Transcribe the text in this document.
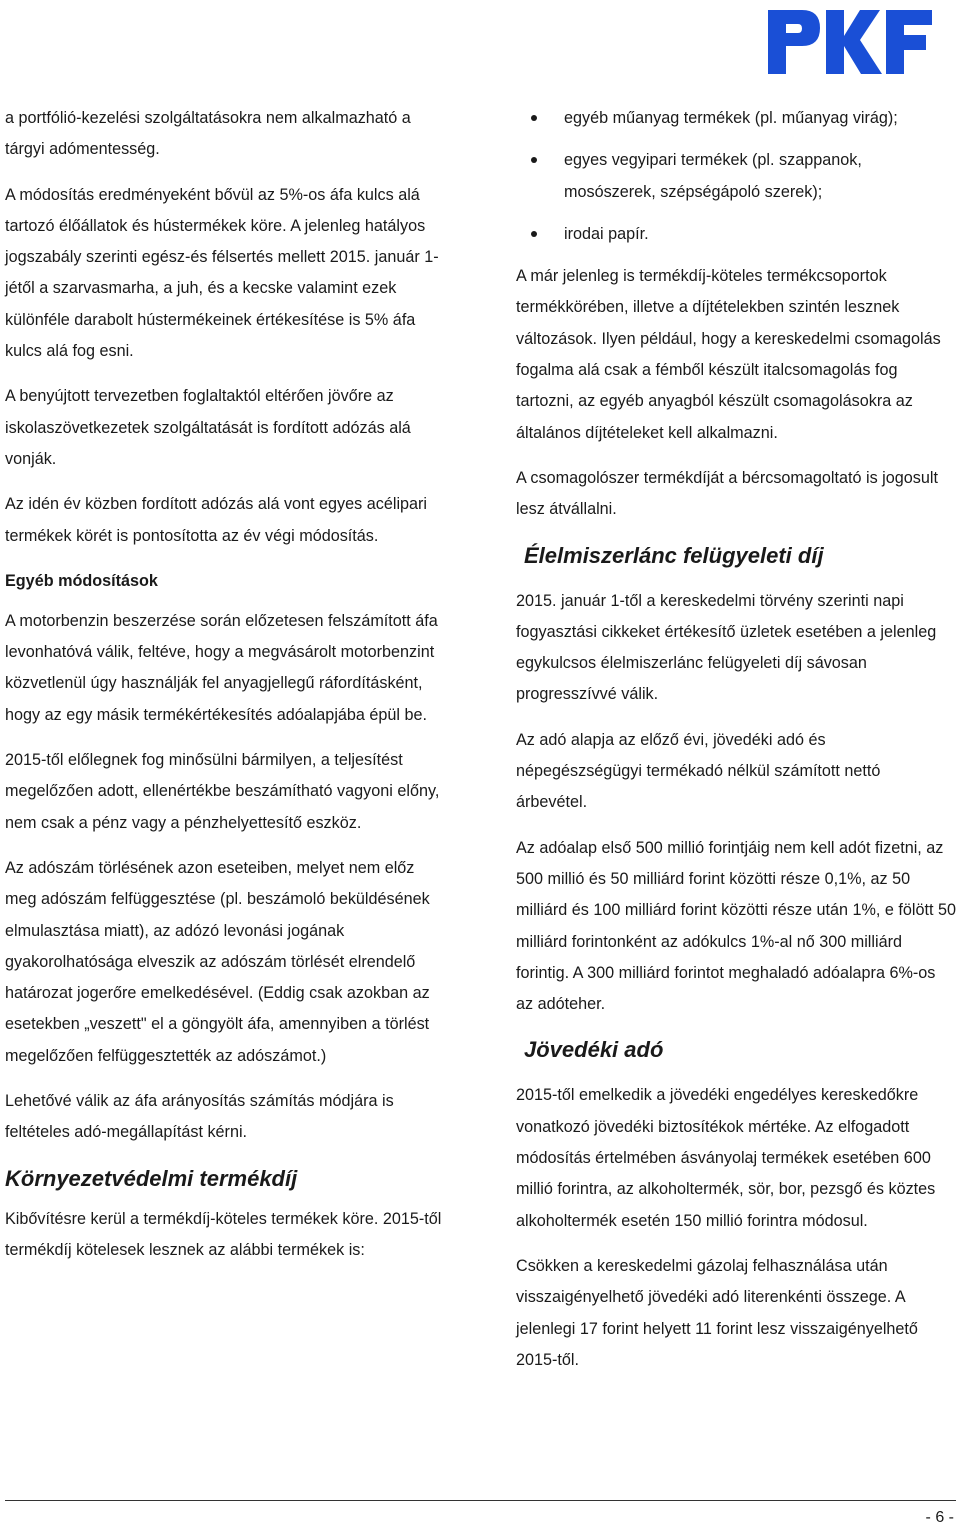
a portfólió-kezelési szolgáltatásokra nem alkalmazható a tárgyi adómentesség.

A módosítás eredményeként bővül az 5%-os áfa kulcs alá tartozó élőállatok és hústermékek köre. A jelenleg hatályos jogszabály szerinti egész-és félsertés mellett 2015. január 1-jétől a szarvasmarha, a juh, és a kecske valamint ezek különféle darabolt hústermékeinek értékesítése is 5% áfa kulcs alá fog esni.

A benyújtott tervezetben foglaltaktól eltérően jövőre az iskolaszövetkezetek szolgáltatását is fordított adózás alá vonják.

Az idén év közben fordított adózás alá vont egyes acélipari termékek körét is pontosította az év végi módosítás.

Egyéb módosítások

A motorbenzin beszerzése során előzetesen felszámított áfa levonhatóvá válik, feltéve, hogy a megvásárolt motorbenzint közvetlenül úgy használják fel anyagjellegű ráfordításként, hogy az egy másik termékértékesítés adóalapjába épül be.

2015-től előlegnek fog minősülni bármilyen, a teljesítést megelőzően adott, ellenértékbe beszámítható vagyoni előny, nem csak a pénz vagy a pénzhelyettesítő eszköz.

Az adószám törlésének azon eseteiben, melyet nem előz meg adószám felfüggesztése (pl. beszámoló beküldésének elmulasztása miatt), az adózó levonási jogának gyakorolhatósága elveszik az adószám törlését elrendelő határozat jogerőre emelkedésével. (Eddig csak azokban az esetekben „veszett" el a göngyölt áfa, amennyiben a törlést megelőzően felfüggesztették az adószámot.)

Lehetővé válik az áfa arányosítás számítás módjára is feltételes adó-megállapítást kérni.

Környezetvédelmi termékdíj

Kibővítésre kerül a termékdíj-köteles termékek köre. 2015-től termékdíj kötelesek lesznek az alábbi termékek is:

egyéb műanyag termékek (pl. műanyag virág);
egyes vegyipari termékek (pl. szappanok, mosószerek, szépségápoló szerek);
irodai papír.

A már jelenleg is termékdíj-köteles termékcsoportok termékkörében, illetve a díjtételekben szintén lesznek változások. Ilyen például, hogy a kereskedelmi csomagolás fogalma alá csak a fémből készült italcsomagolás fog tartozni, az egyéb anyagból készült csomagolásokra az általános díjtételeket kell alkalmazni.

A csomagolószer termékdíját a bércsomagoltató is jogosult lesz átvállalni.

Élelmiszerlánc felügyeleti díj

2015. január 1-től a kereskedelmi törvény szerinti napi fogyasztási cikkeket értékesítő üzletek esetében a jelenleg egykulcsos élelmiszerlánc felügyeleti díj sávosan progresszívvé válik.

Az adó alapja az előző évi, jövedéki adó és népegészségügyi termékadó nélkül számított nettó árbevétel.

Az adóalap első 500 millió forintjáig nem kell adót fizetni, az 500 millió és 50 milliárd forint közötti része 0,1%, az 50 milliárd és 100 milliárd forint közötti része után 1%, e fölött 50 milliárd forintonként az adókulcs 1%-al nő 300 milliárd forintig. A 300 milliárd forintot meghaladó adóalapra 6%-os az adóteher.

Jövedéki adó

2015-től emelkedik a jövedéki engedélyes kereskedőkre vonatkozó jövedéki biztosítékok mértéke. Az elfogadott módosítás értelmében ásványolaj termékek esetében 600 millió forintra, az alkoholtermék, sör, bor, pezsgő és köztes alkoholtermék esetén 150 millió forintra módosul.

Csökken a kereskedelmi gázolaj felhasználása után visszaigényelhető jövedéki adó literenkénti összege. A jelenlegi 17 forint helyett 11 forint lesz visszaigényelhető 2015-től.

- 6 -
